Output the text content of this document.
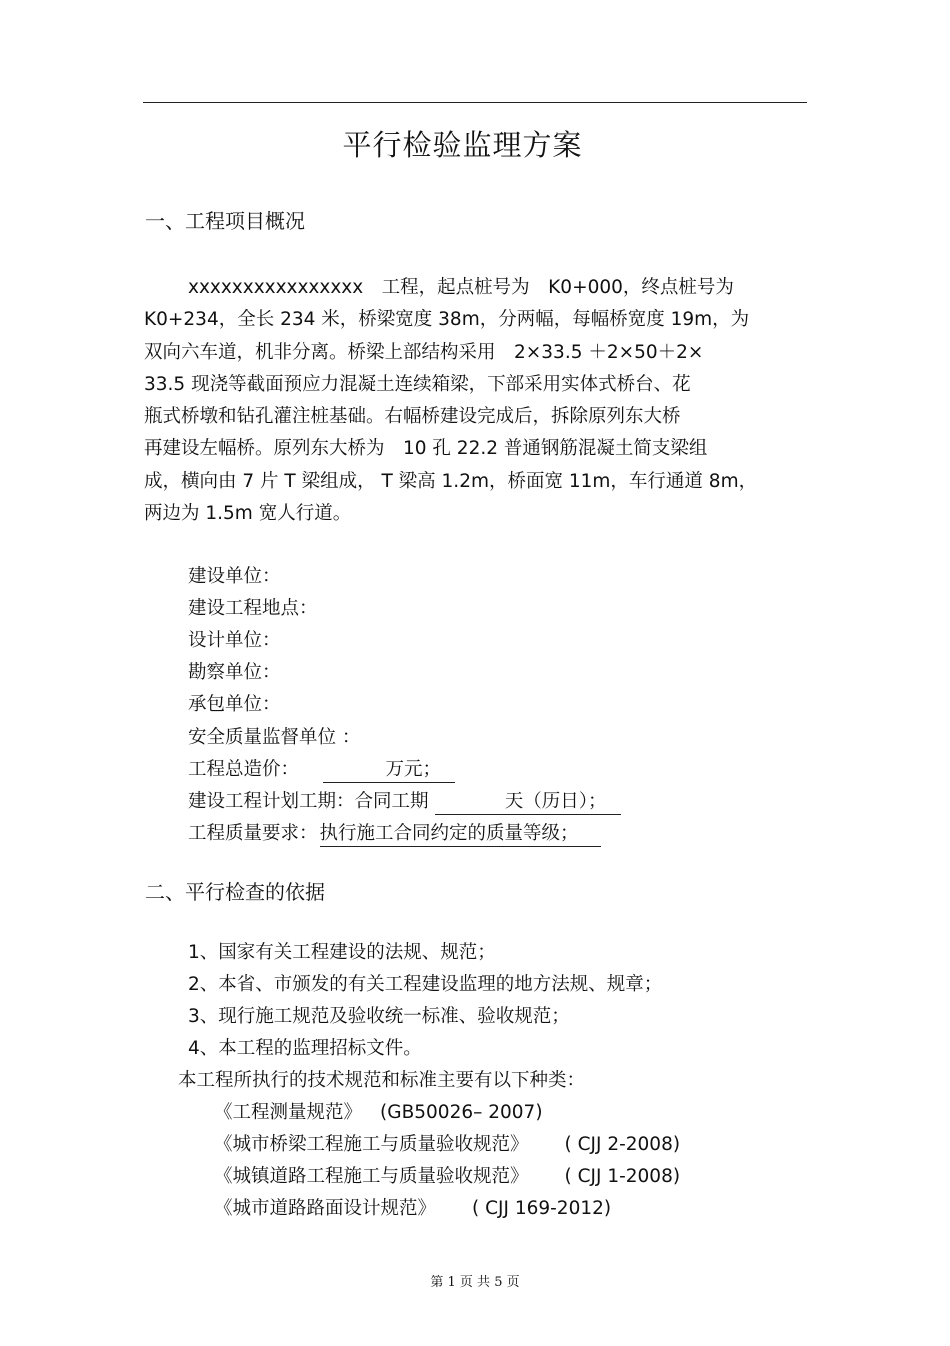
平行检验监理方案
一、工程项目概况
xxxxxxxxxxxxxxxx　工程，起点桩号为　K0+000，终点桩号为
K0+234，全长 234 米，桥梁宽度 38m，分两幅，每幅桥宽度 19m，为
双向六车道，机非分离。桥梁上部结构采用　2×33.5 ＋2×50＋2×
33.5 现浇等截面预应力混凝土连续箱梁，下部采用实体式桥台、花
瓶式桥墩和钻孔灌注桩基础。右幅桥建设完成后，拆除原列东大桥
再建设左幅桥。原列东大桥为　10 孔 22.2 普通钢筋混凝土简支梁组
成，横向由 7 片 T 梁组成， T 梁高 1.2m，桥面宽 11m，车行通道 8m，
两边为 1.5m 宽人行道。
建设单位：
建设工程地点：
设计单位：
勘察单位：
承包单位：
安全质量监督单位 ：
工程总造价：	万元；
建设工程计划工期：合同工期	天（历日）；
工程质量要求： 执行施工合同约定的质量等级；
二、平行检查的依据
1、国家有关工程建设的法规、规范；
2、本省、市颁发的有关工程建设监理的地方法规、规章；
3、现行施工规范及验收统一标准、验收规范；
4、本工程的监理招标文件。
本工程所执行的技术规范和标准主要有以下种类：
《工程测量规范》 (GB50026– 2007)
《城市桥梁工程施工与质量验收规范》 ( CJJ 2-2008)
《城镇道路工程施工与质量验收规范》 ( CJJ 1-2008)
《城市道路路面设计规范》 ( CJJ 169-2012)
第 1 页 共 5 页
